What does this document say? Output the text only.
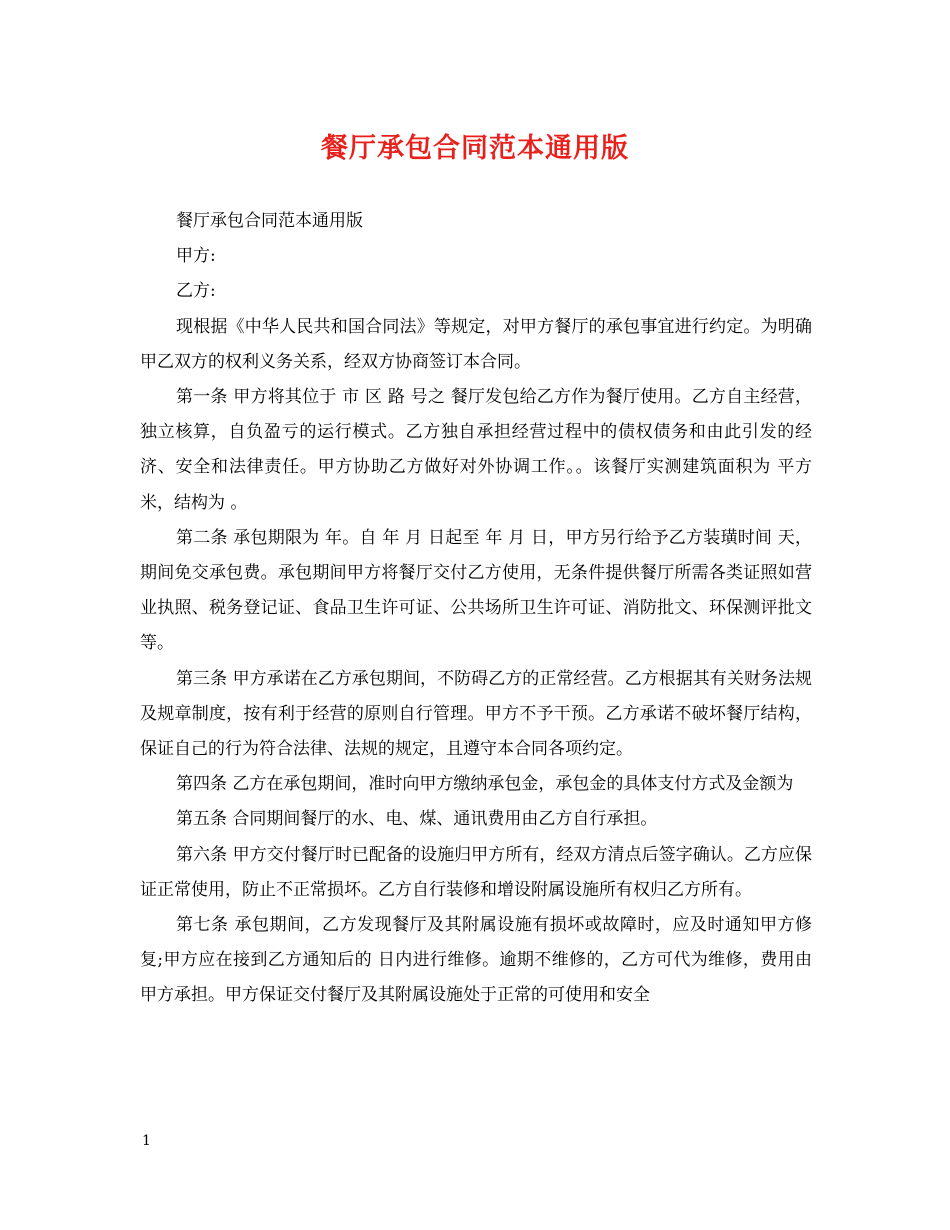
餐厅承包合同范本通用版

餐厅承包合同范本通用版

甲方:

乙方:

现根据《中华人民共和国合同法》等规定，对甲方餐厅的承包事宜进行约定。为明确甲乙双方的权利义务关系，经双方协商签订本合同。

第一条 甲方将其位于 市 区 路 号之 餐厅发包给乙方作为餐厅使用。乙方自主经营，独立核算，自负盈亏的运行模式。乙方独自承担经营过程中的债权债务和由此引发的经济、安全和法律责任。甲方协助乙方做好对外协调工作。。该餐厅实测建筑面积为 平方米，结构为 。

第二条 承包期限为 年。自 年 月 日起至 年 月 日，甲方另行给予乙方装璜时间 天，期间免交承包费。承包期间甲方将餐厅交付乙方使用，无条件提供餐厅所需各类证照如营业执照、税务登记证、食品卫生许可证、公共场所卫生许可证、消防批文、环保测评批文等。

第三条 甲方承诺在乙方承包期间，不防碍乙方的正常经营。乙方根据其有关财务法规及规章制度，按有利于经营的原则自行管理。甲方不予干预。乙方承诺不破坏餐厅结构，保证自己的行为符合法律、法规的规定，且遵守本合同各项约定。

第四条 乙方在承包期间，准时向甲方缴纳承包金，承包金的具体支付方式及金额为

第五条 合同期间餐厅的水、电、煤、通讯费用由乙方自行承担。

第六条 甲方交付餐厅时已配备的设施归甲方所有，经双方清点后签字确认。乙方应保证正常使用，防止不正常损坏。乙方自行装修和增设附属设施所有权归乙方所有。

第七条 承包期间，乙方发现餐厅及其附属设施有损坏或故障时，应及时通知甲方修复;甲方应在接到乙方通知后的 日内进行维修。逾期不维修的，乙方可代为维修，费用由甲方承担。甲方保证交付餐厅及其附属设施处于正常的可使用和安全

1
